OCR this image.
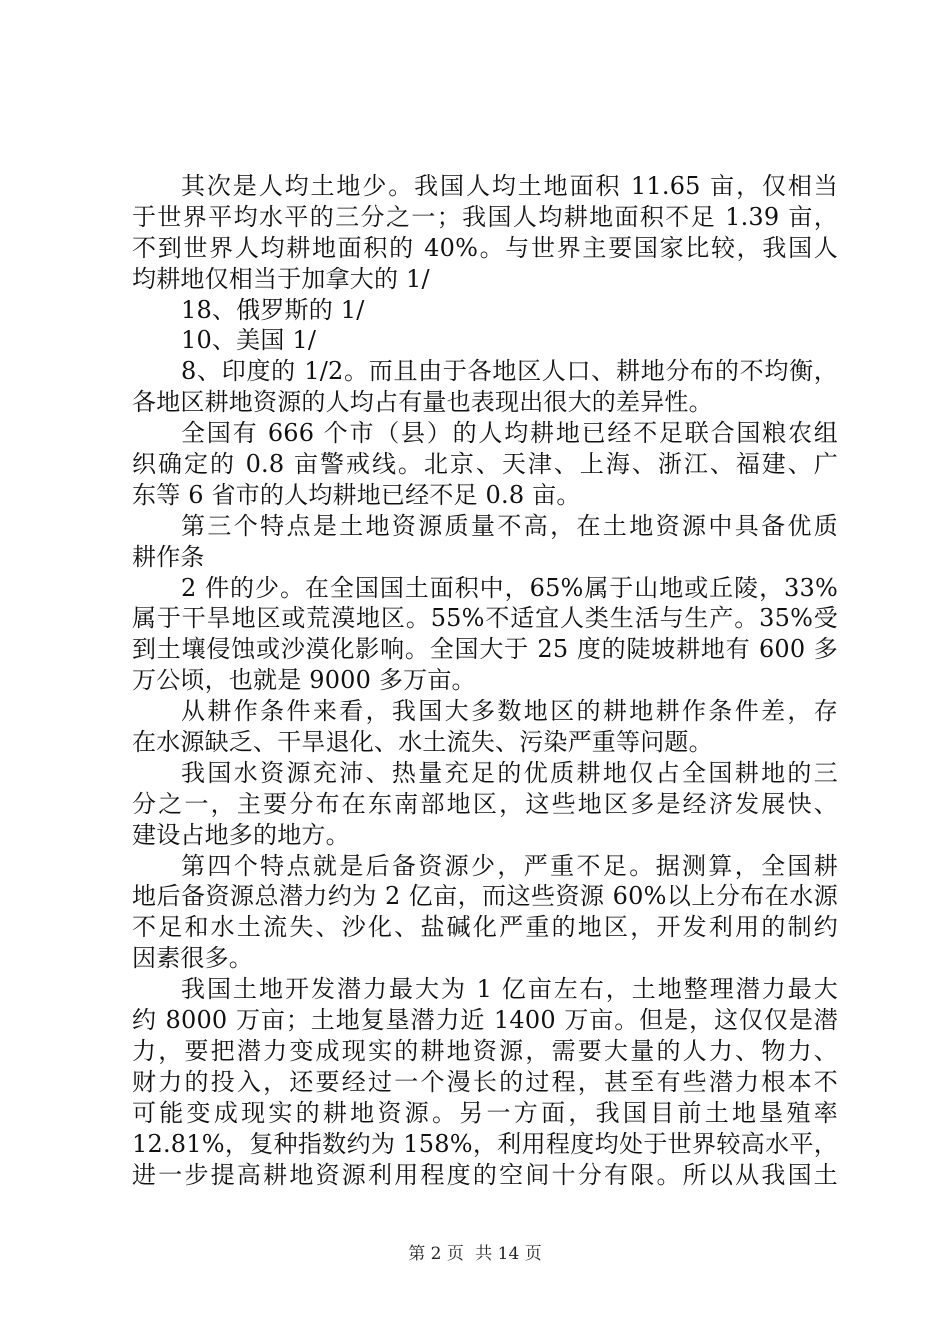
其次是人均土地少。我国人均土地面积 11.65 亩，仅相当
于世界平均水平的三分之一；我国人均耕地面积不足 1.39 亩，
不到世界人均耕地面积的 40%。与世界主要国家比较，我国人
均耕地仅相当于加拿大的 1/
18、俄罗斯的 1/
10、美国 1/
8、印度的 1/2。而且由于各地区人口、耕地分布的不均衡，
各地区耕地资源的人均占有量也表现出很大的差异性。
全国有 666 个市（县）的人均耕地已经不足联合国粮农组
织确定的 0.8 亩警戒线。北京、天津、上海、浙江、福建、广
东等 6 省市的人均耕地已经不足 0.8 亩。
第三个特点是土地资源质量不高，在土地资源中具备优质
耕作条
2 件的少。在全国国土面积中，65%属于山地或丘陵，33%
属于干旱地区或荒漠地区。55%不适宜人类生活与生产。35%受
到土壤侵蚀或沙漠化影响。全国大于 25 度的陡坡耕地有 600 多
万公顷，也就是 9000 多万亩。
从耕作条件来看，我国大多数地区的耕地耕作条件差，存
在水源缺乏、干旱退化、水土流失、污染严重等问题。
我国水资源充沛、热量充足的优质耕地仅占全国耕地的三
分之一，主要分布在东南部地区，这些地区多是经济发展快、
建设占地多的地方。
第四个特点就是后备资源少，严重不足。据测算，全国耕
地后备资源总潜力约为 2 亿亩，而这些资源 60%以上分布在水源
不足和水土流失、沙化、盐碱化严重的地区，开发利用的制约
因素很多。
我国土地开发潜力最大为 1 亿亩左右，土地整理潜力最大
约 8000 万亩；土地复垦潜力近 1400 万亩。但是，这仅仅是潜
力，要把潜力变成现实的耕地资源，需要大量的人力、物力、
财力的投入，还要经过一个漫长的过程，甚至有些潜力根本不
可能变成现实的耕地资源。另一方面，我国目前土地垦殖率
12.81%，复种指数约为 158%，利用程度均处于世界较高水平，
进一步提高耕地资源利用程度的空间十分有限。所以从我国土
第 2 页 共 14 页
